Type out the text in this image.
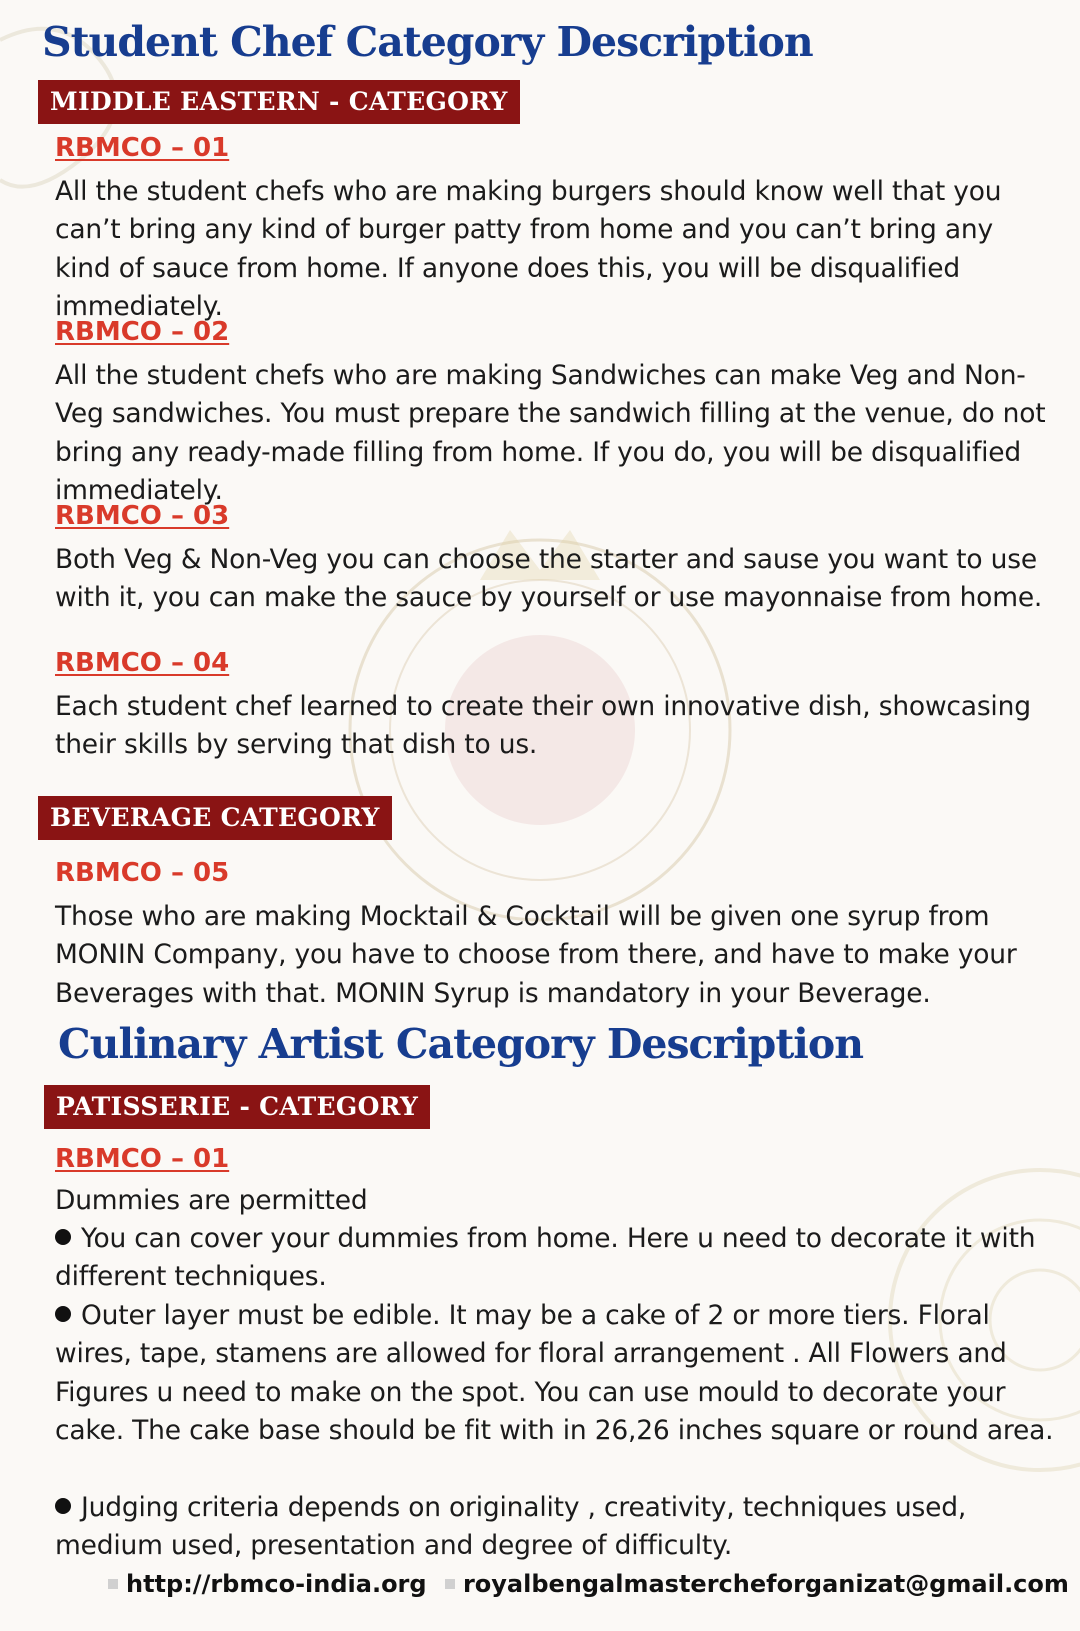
Student Chef Category Description
MIDDLE EASTERN - CATEGORY

RBMCO – 01

All the student chefs who are making burgers should know well that you can’t bring any kind of burger patty from home and you can’t bring any kind of sauce from home. If anyone does this, you will be disqualified immediately.

RBMCO – 02

All the student chefs who are making Sandwiches can make Veg and Non-Veg sandwiches. You must prepare the sandwich filling at the venue, do not bring any ready-made filling from home. If you do, you will be disqualified immediately.

RBMCO – 03

Both Veg & Non-Veg you can choose the starter and sause you want to use with it, you can make the sauce by yourself or use mayonnaise from home.

RBMCO – 04

Each student chef learned to create their own innovative dish, showcasing their skills by serving that dish to us.

BEVERAGE CATEGORY

RBMCO – 05

Those who are making Mocktail & Cocktail will be given one syrup from MONIN Company, you have to choose from there, and have to make your Beverages with that. MONIN Syrup is mandatory in your Beverage.

Culinary Artist Category Description
PATISSERIE - CATEGORY

RBMCO – 01

Dummies are permitted

You can cover your dummies from home. Here u need to decorate it with different techniques.

Outer layer must be edible. It may be a cake of 2 or more tiers. Floral wires, tape, stamens are allowed for floral arrangement . All Flowers and Figures u need to make on the spot. You can use mould to decorate your cake. The cake base should be fit with in 26,26 inches square or round area.

Judging criteria depends on originality , creativity, techniques used, medium used, presentation and degree of difficulty.

http://rbmco-india.org royalbengalmastercheforganizat@gmail.com
